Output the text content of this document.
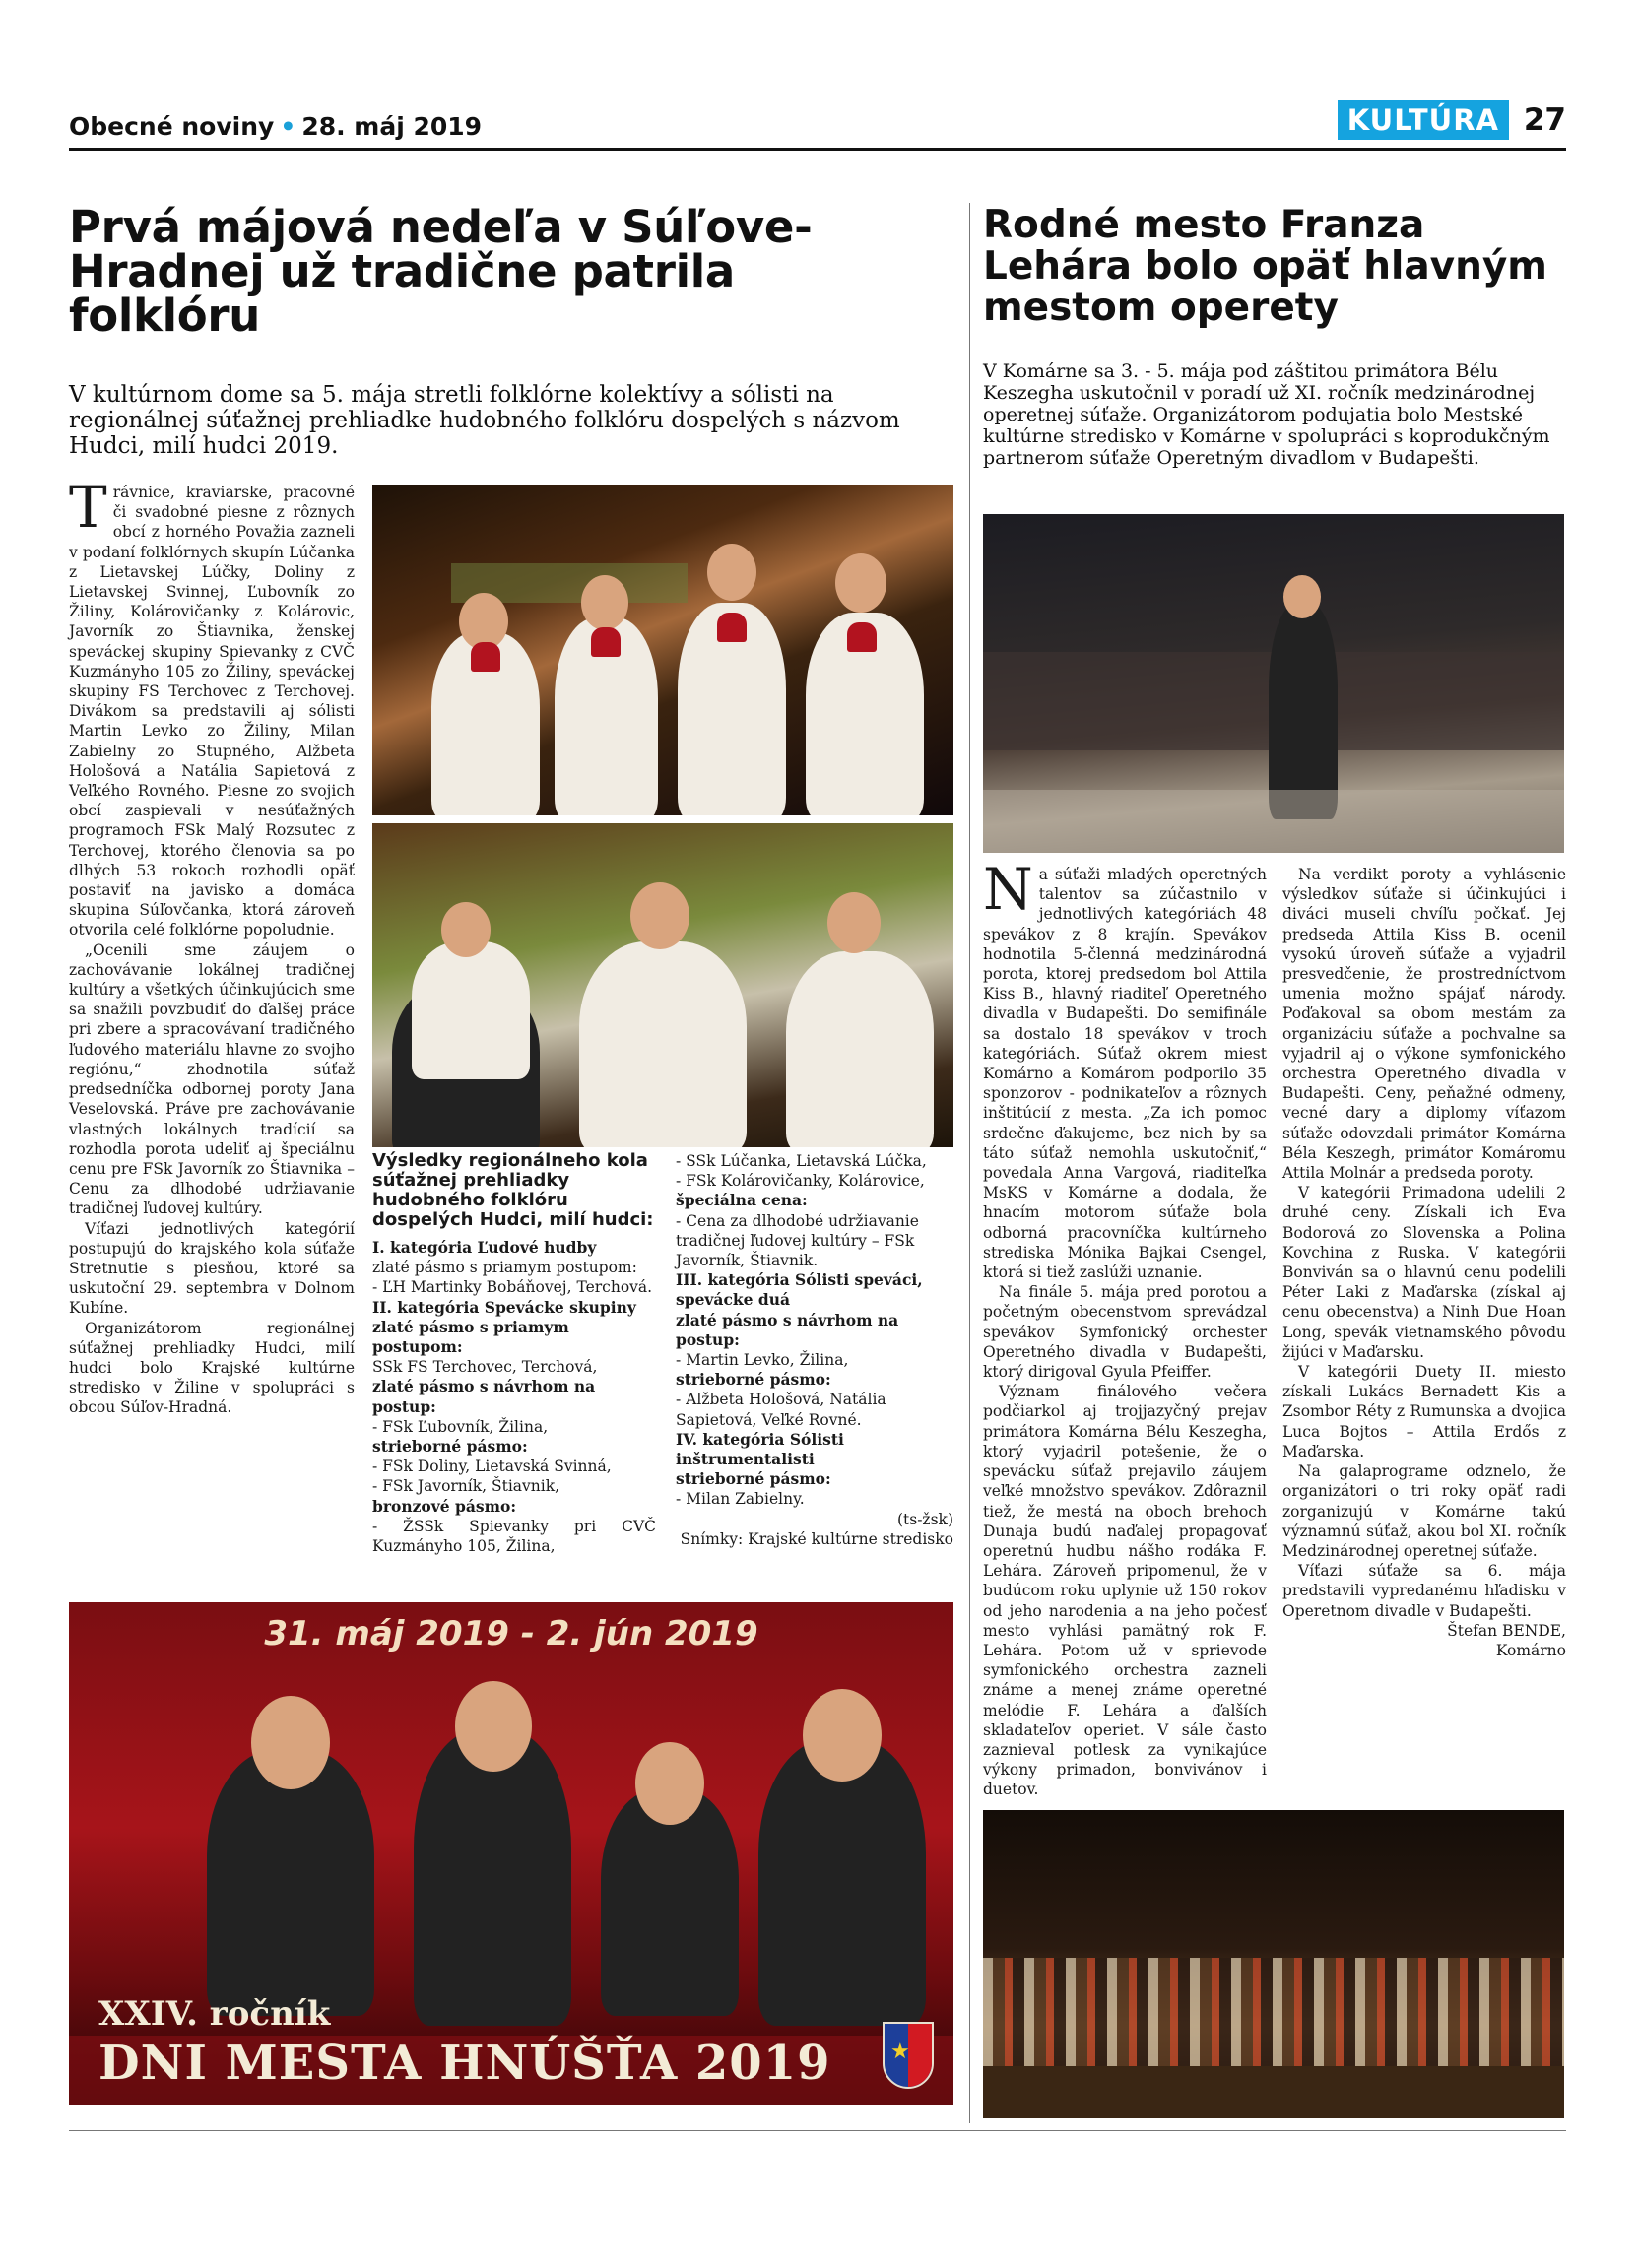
Obecné noviny • 28. máj 2019	KULTÚRA 27
Prvá májová nedeľa v Súľove-Hradnej už tradične patrila folklóru

V kultúrnom dome sa 5. mája stretli folklórne kolektívy a sólisti na regionálnej súťažnej prehliadke hudobného folklóru dospelých s názvom Hudci, milí hudci 2019.

Trávnice, kraviarske, pracovné či svadobné piesne z rôznych obcí z horného Považia zazneli v podaní folklórnych skupín Lúčanka z Lietavskej Lúčky, Doliny z Lietavskej Svinnej, Ľubovník zo Žiliny, Kolárovičanky z Kolároviс, Javorník zo Štiavnika, ženskej speváckej skupiny Spievanky z CVČ Kuzmányho 105 zo Žiliny, speváckej skupiny FS Terchovec z Terchovej. Divákom sa predstavili aj sólisti Martin Levko zo Žiliny, Milan Zabielny zo Stupného, Alžbeta Hološová a Natália Sapietová z Veľkého Rovného. Piesne zo svojich obcí zaspievali v nesúťažných programoch FSk Malý Rozsutec z Terchovej, ktorého členovia sa po dlhých 53 rokoch rozhodli opäť postaviť na javisko a domáca skupina Súľovčanka, ktorá zároveň otvorila celé folklórne popoludnie.

„Ocenili sme záujem o zachovávanie lokálnej tradičnej kultúry a všetkých účinkujúcich sme sa snažili povzbudiť do ďalšej práce pri zbere a spracovávaní tradičného ľudového materiálu hlavne zo svojho regiónu,“ zhodnotila súťaž predsedníčka odbornej poroty Jana Veselovská. Práve pre zachovávanie vlastných lokálnych tradícií sa rozhodla porota udeliť aj špeciálnu cenu pre FSk Javorník zo Štiavnika – Cenu za dlhodobé udržiavanie tradičnej ľudovej kultúry.

Víťazi jednotlivých kategórií postupujú do krajského kola súťaže Stretnutie s piesňou, ktoré sa uskutoční 29. septembra v Dolnom Kubíne.

Organizátorom regionálnej súťažnej prehliadky Hudci, milí hudci bolo Krajské kultúrne stredisko v Žiline v spolupráci s obcou Súľov-Hradná.

Výsledky regionálneho kola súťažnej prehliadky hudobného folklóru dospelých Hudci, milí hudci:
I. kategória Ľudové hudby
zlaté pásmo s priamym postupom:
- ĽH Martinky Bobáňovej, Terchová.
II. kategória Spevácke skupiny
zlaté pásmo s priamym postupom:
SSk FS Terchovec, Terchová,
zlaté pásmo s návrhom na postup:
- FSk Ľubovník, Žilina,
strieborné pásmo:
- FSk Doliny, Lietavská Svinná,
- FSk Javorník, Štiavnik,
bronzové pásmo:
- ŽSSk Spievanky pri CVČ Kuzmányho 105, Žilina,
- SSk Lúčanka, Lietavská Lúčka,
- FSk Kolárovičanky, Kolárovice,
špeciálna cena:
- Cena za dlhodobé udržiavanie tradičnej ľudovej kultúry – FSk Javorník, Štiavnik.
III. kategória Sólisti speváci, spevácke duá
zlaté pásmo s návrhom na postup:
- Martin Levko, Žilina,
strieborné pásmo:
- Alžbeta Hološová, Natália Sapietová, Veľké Rovné.
IV. kategória Sólisti inštrumentalisti
strieborné pásmo:
- Milan Zabielny.
(ts-žsk)
Snímky: Krajské kultúrne stredisko
31. máj 2019 - 2. jún 2019
XXIV. ročník
DNI MESTA HNÚŠŤA 2019	★
Rodné mesto Franza Lehára bolo opäť hlavným mestom operety

V Komárne sa 3. - 5. mája pod záštitou primátora Bélu Keszegha uskutočnil v poradí už XI. ročník medzinárodnej operetnej súťaže. Organizátorom podujatia bolo Mestské kultúrne stredisko v Komárne v spolupráci s koprodukčným partnerom súťaže Operetným divadlom v Budapešti.

Na súťaži mladých operetných talentov sa zúčastnilo v jednotlivých kategóriách 48 spevákov z 8 krajín. Spevákov hodnotila 5-členná medzinárodná porota, ktorej predsedom bol Attila Kiss B., hlavný riaditeľ Operetného divadla v Budapešti. Do semifinále sa dostalo 18 spevákov v troch kategóriách. Súťaž okrem miest Komárno a Komárom podporilo 35 sponzorov - podnikateľov a rôznych inštitúcií z mesta. „Za ich pomoc srdečne ďakujeme, bez nich by sa táto súťaž nemohla uskutočniť,“ povedala Anna Vargová, riaditeľka MsKS v Komárne a dodala, že hnacím motorom súťaže bola odborná pracovníčka kultúrneho strediska Mónika Bajkai Csengel, ktorá si tiež zaslúži uznanie.

Na finále 5. mája pred porotou a početným obecenstvom sprevádzal spevákov Symfonický orchester Operetného divadla v Budapešti, ktorý dirigoval Gyula Pfeiffer.

Význam finálového večera podčiarkol aj trojjazyčný prejav primátora Komárna Bélu Keszegha, ktorý vyjadril potešenie, že o spevácku súťaž prejavilo záujem veľké množstvo spevákov. Zdôraznil tiež, že mestá na oboch brehoch Dunaja budú naďalej propagovať operetnú hudbu nášho rodáka F. Lehára. Zároveň pripomenul, že v budúcom roku uplynie už 150 rokov od jeho narodenia a na jeho počesť mesto vyhlási pamätný rok F. Lehára. Potom už v sprievode symfonického orchestra zazneli známe a menej známe operetné melódie F. Lehára a ďalších skladateľov operiet. V sále často zaznieval potlesk za vynikajúce výkony primadon, bonvivánov i duetov.

Na verdikt poroty a vyhlásenie výsledkov súťaže si účinkujúci i diváci museli chvíľu počkať. Jej predseda Attila Kiss B. ocenil vysokú úroveň súťaže a vyjadril presvedčenie, že prostredníctvom umenia možno spájať národy. Poďakoval sa obom mestám za organizáciu súťaže a pochvalne sa vyjadril aj o výkone symfonického orchestra Operetného divadla v Budapešti. Ceny, peňažné odmeny, vecné dary a diplomy víťazom súťaže odovzdali primátor Komárna Béla Keszegh, primátor Komáromu Attila Molnár a predseda poroty.

V kategórii Primadona udelili 2 druhé ceny. Získali ich Eva Bodorová zo Slovenska a Polina Kovchina z Ruska. V kategórii Bonviván sa o hlavnú cenu podelili Péter Laki z Maďarska (získal aj cenu obecenstva) a Ninh Due Hoan Long, spevák vietnamského pôvodu žijúci v Maďarsku.

V kategórii Duety II. miesto získali Lukács Bernadett Kis a Zsombor Réty z Rumunska a dvojica Luca Bojtos – Attila Erdős z Maďarska.

Na galaprograme odznelo, že organizátori o tri roky opäť radi zorganizujú v Komárne takú významnú súťaž, akou bol XI. ročník Medzinárodnej operetnej súťaže.

Víťazi súťaže sa 6. mája predstavili vypredanému hľadisku v Operetnom divadle v Budapešti.

Štefan BENDE,

Komárno
